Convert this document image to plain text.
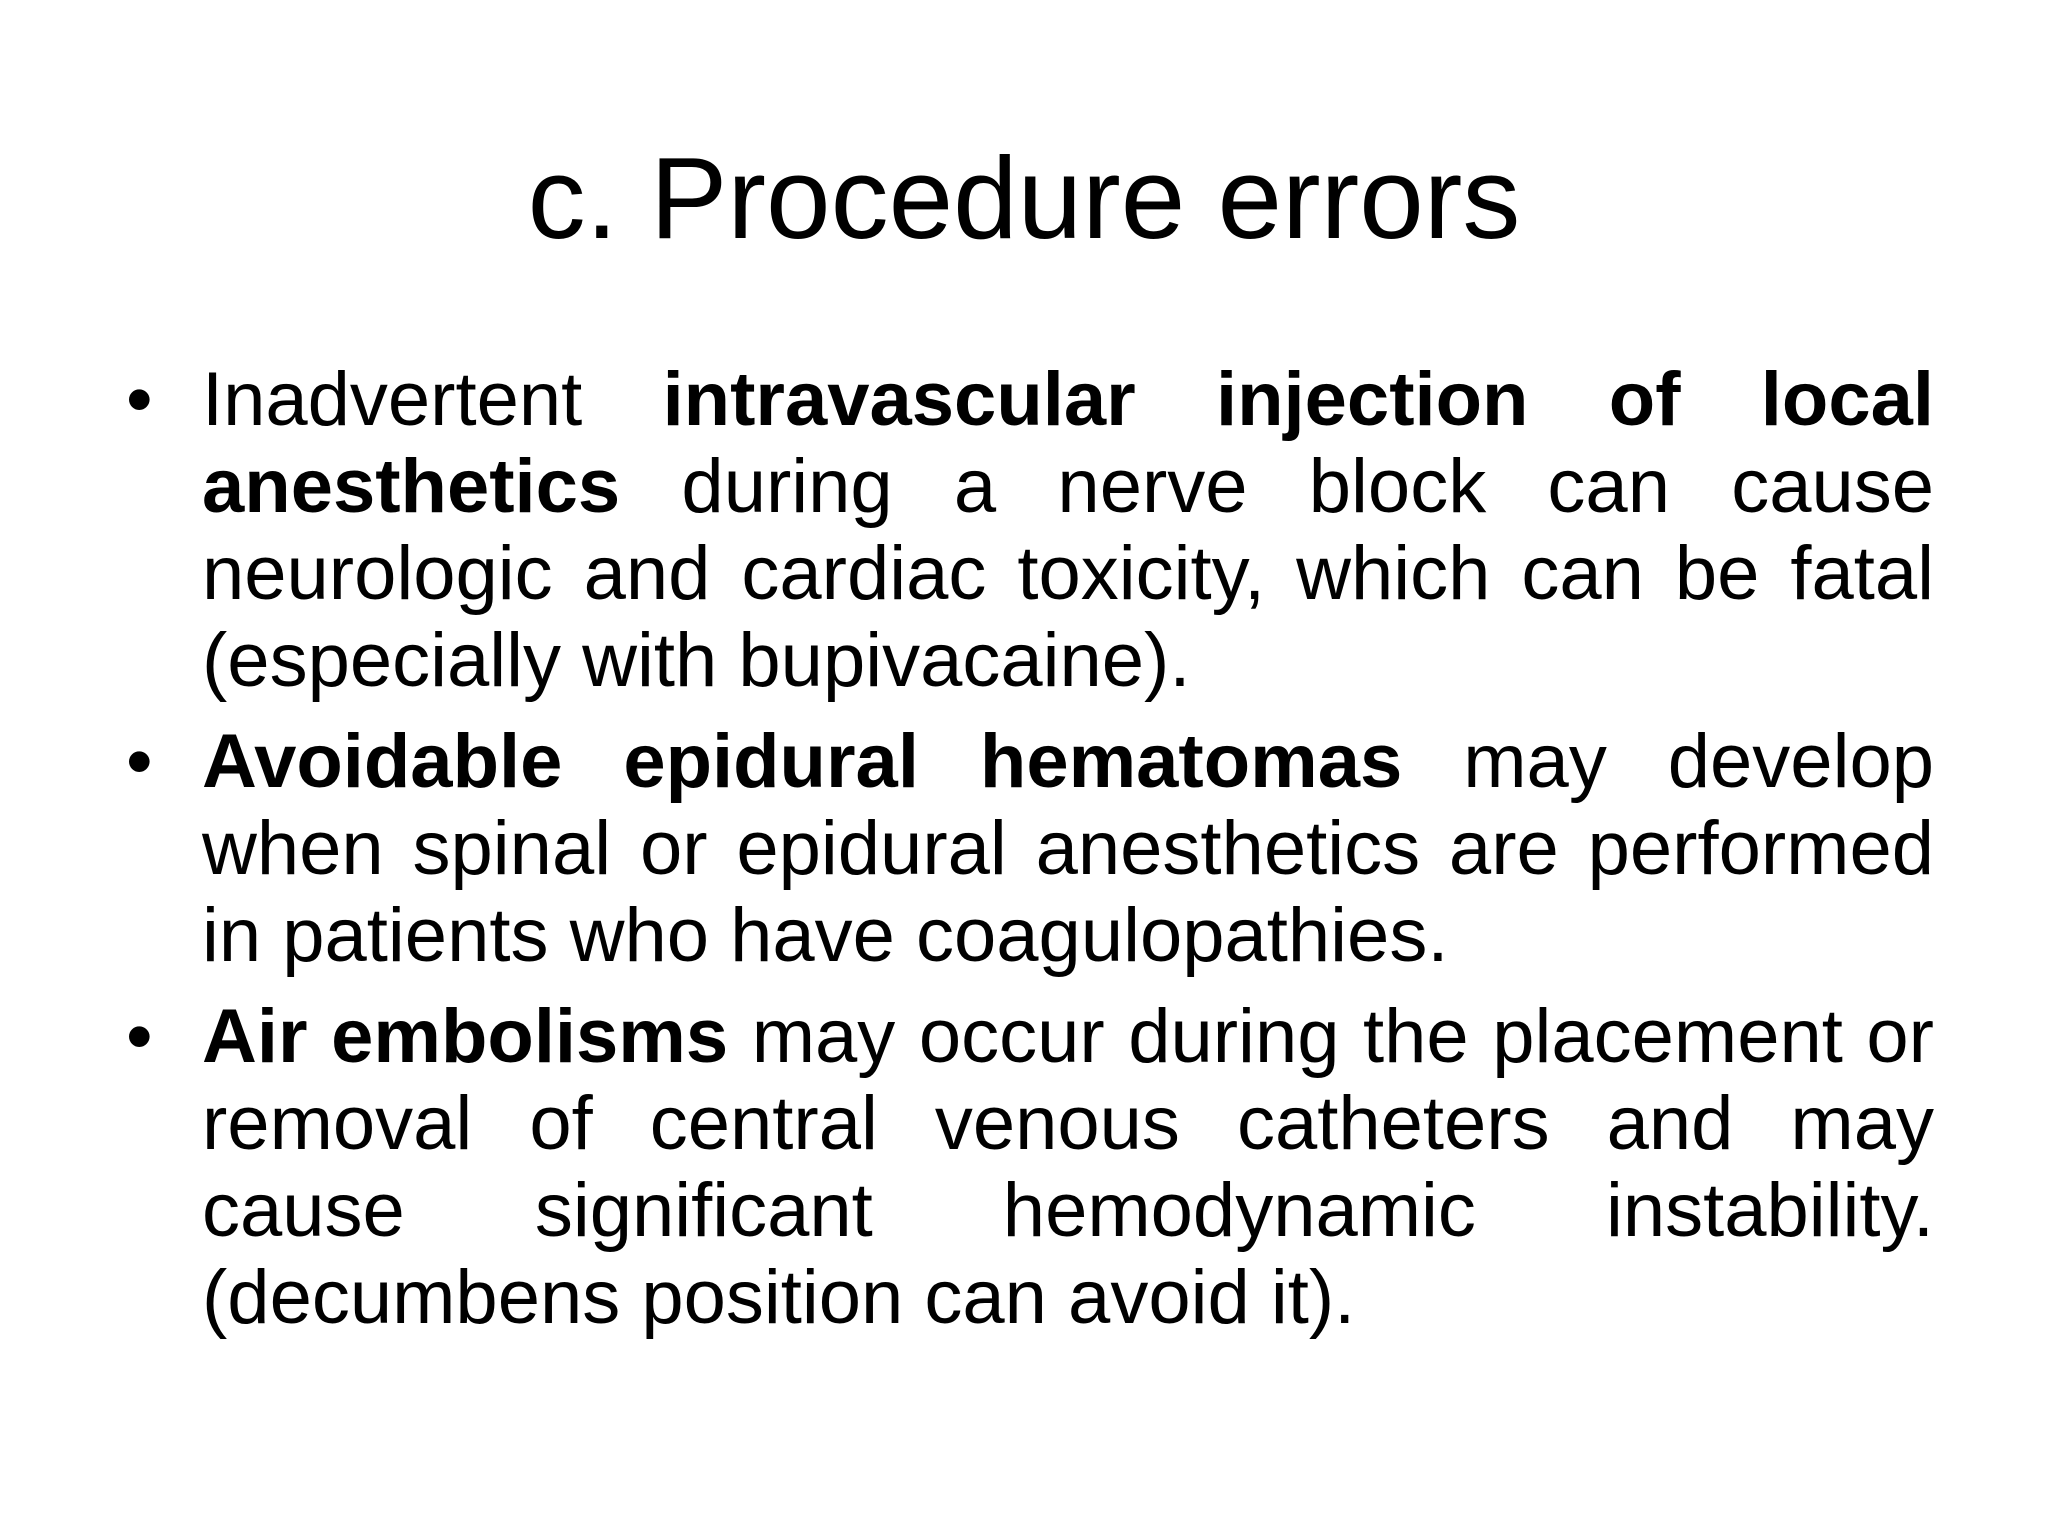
c. Procedure errors
• Inadvertent intravascular injection of local anesthetics during a nerve block can cause neurologic and cardiac toxicity, which can be fatal (especially with bupivacaine).
• Avoidable epidural hematomas may develop when spinal or epidural anesthetics are performed in patients who have coagulopathies.
• Air embolisms may occur during the placement or removal of central venous catheters and may cause significant hemodynamic instability. (decumbens position can avoid it).
